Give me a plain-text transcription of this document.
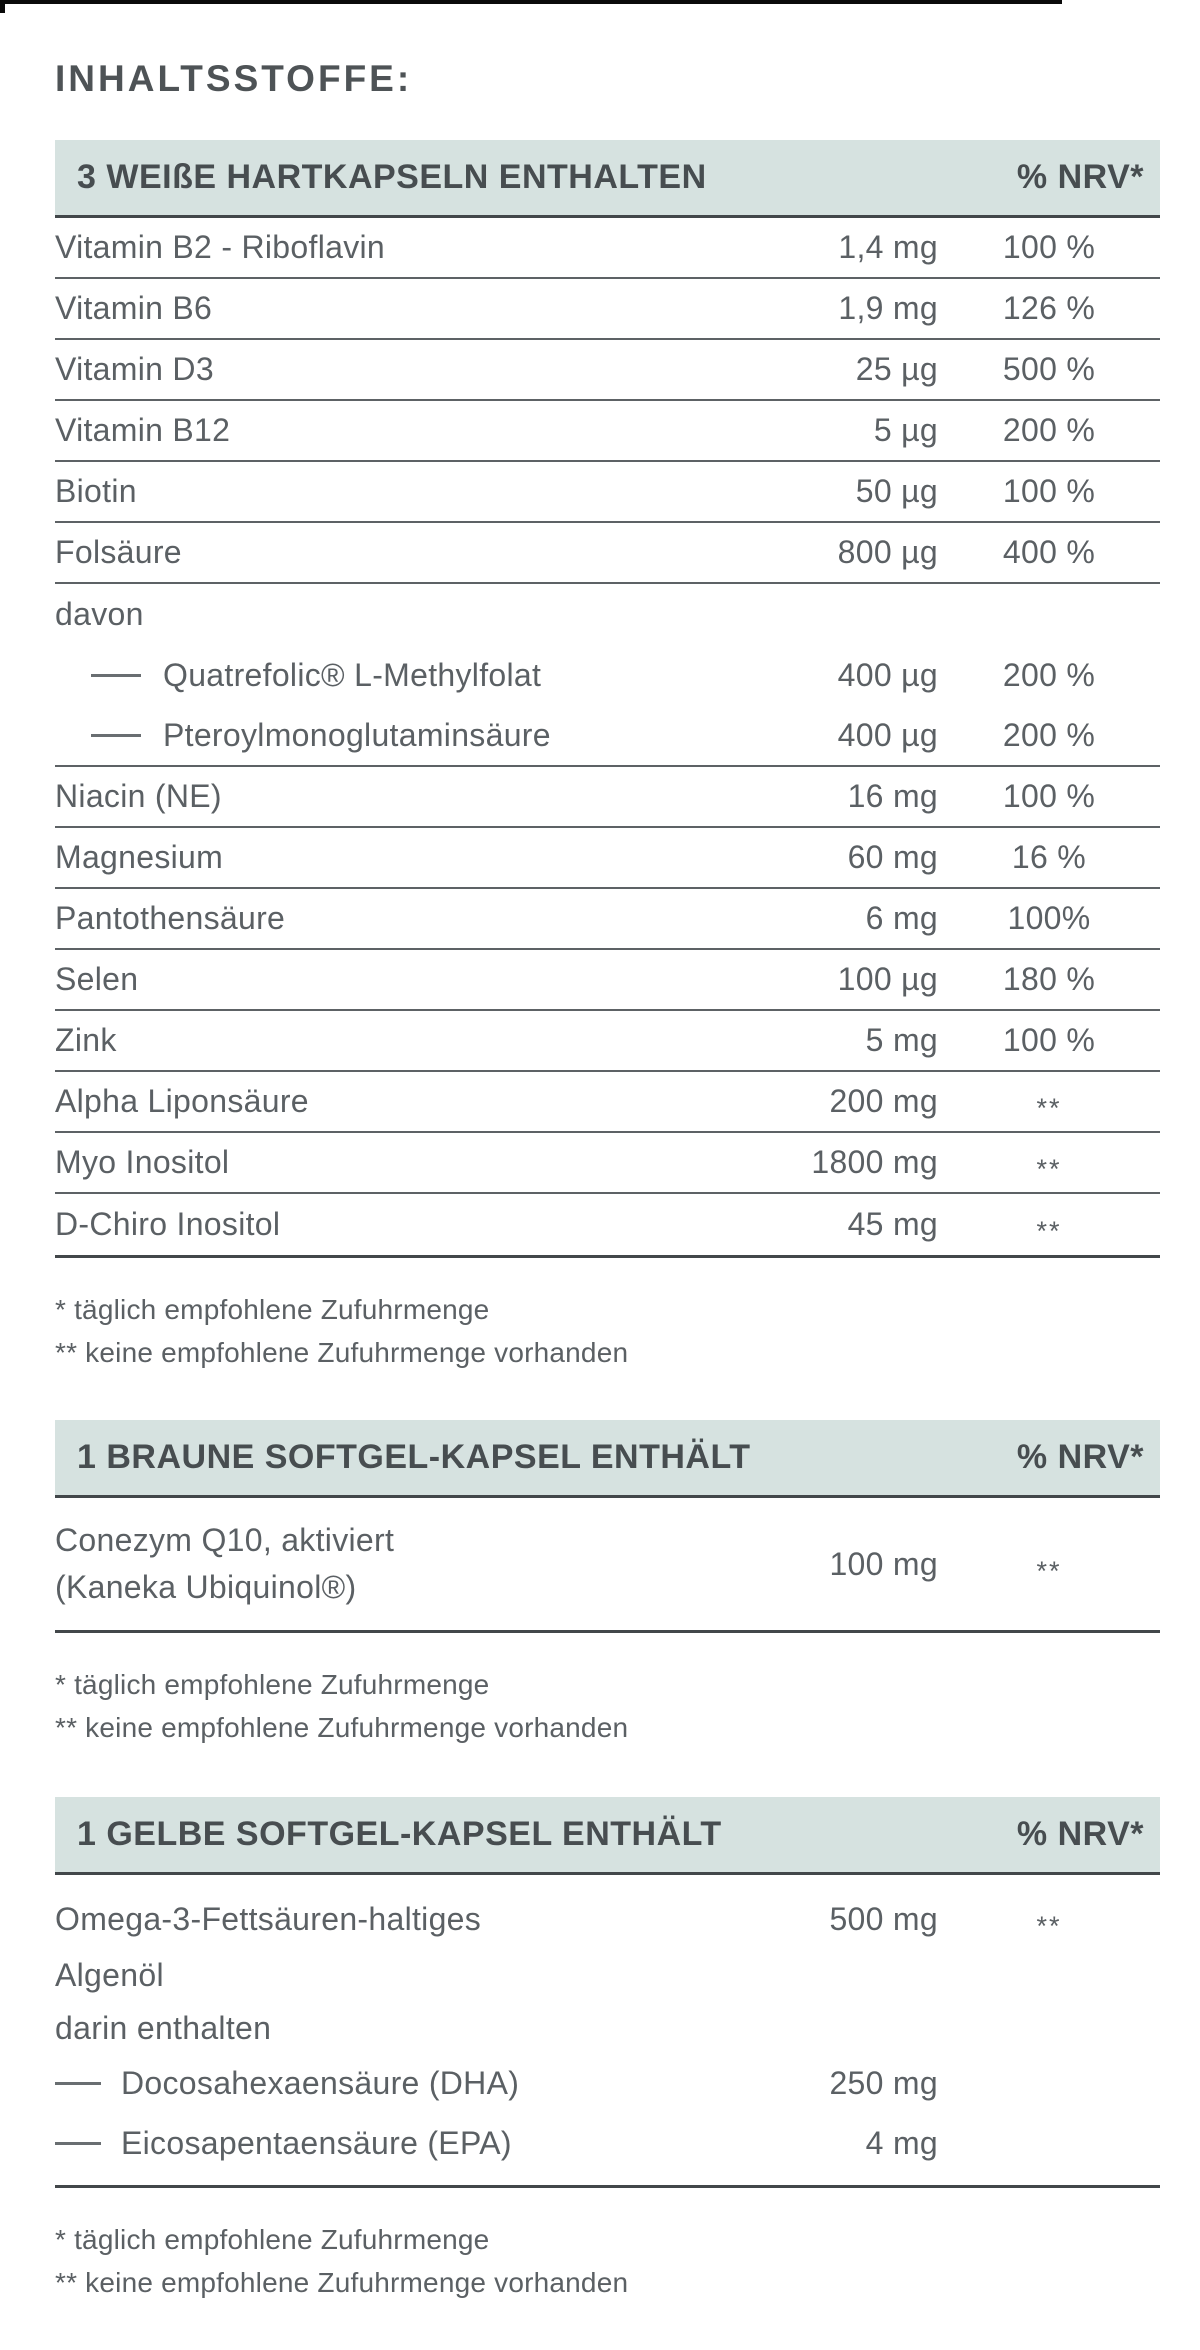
INHALTSSTOFFE:
3 WEIßE HARTKAPSELN ENTHALTEN	% NRV*
Vitamin B2 - Riboflavin	1,4 mg	100 %
Vitamin B6	1,9 mg	126 %
Vitamin D3	25 µg	500 %
Vitamin B12	5 µg	200 %
Biotin	50 µg	100 %
Folsäure	800 µg	400 %
davon
Quatrefolic® L-Methylfolat	400 µg	200 %
Pteroylmonoglutaminsäure	400 µg	200 %
Niacin (NE)	16 mg	100 %
Magnesium	60 mg	16 %
Pantothensäure	6 mg	100%
Selen	100 µg	180 %
Zink	5 mg	100 %
Alpha Liponsäure	200 mg	**
Myo Inositol	1800 mg	**
D-Chiro Inositol	45 mg	**
* täglich empfohlene Zufuhrmenge
** keine empfohlene Zufuhrmenge vorhanden
1 BRAUNE SOFTGEL-KAPSEL ENTHÄLT	% NRV*
Conezym Q10, aktiviert
(Kaneka Ubiquinol®)
100 mg	**
* täglich empfohlene Zufuhrmenge
** keine empfohlene Zufuhrmenge vorhanden
1 GELBE SOFTGEL-KAPSEL ENTHÄLT	% NRV*
Omega-3-Fettsäuren-haltiges
Algenöl
500 mg	**
darin enthalten
Docosahexaensäure (DHA)	250 mg
Eicosapentaensäure (EPA)	4 mg
* täglich empfohlene Zufuhrmenge
** keine empfohlene Zufuhrmenge vorhanden
